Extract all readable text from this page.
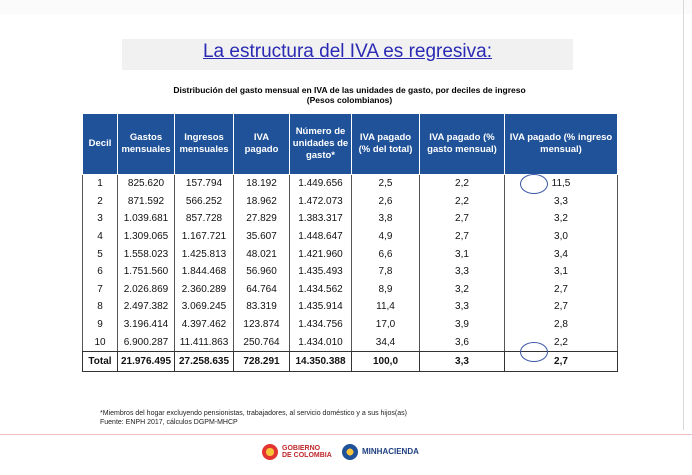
La estructura del IVA es regresiva:
Distribución del gasto mensual en IVA de las unidades de gasto, por deciles de ingreso
(Pesos colombianos)
Decil	Gastos mensuales	Ingresos mensuales	IVA pagado	Número de unidades de gasto*	IVA pagado (% del total)	IVA pagado (% gasto mensual)	IVA pagado (% ingreso mensual)
1	825.620	157.794	18.192	1.449.656	2,5	2,2	11,5
2	871.592	566.252	18.962	1.472.073	2,6	2,2	3,3
3	1.039.681	857.728	27.829	1.383.317	3,8	2,7	3,2
4	1.309.065	1.167.721	35.607	1.448.647	4,9	2,7	3,0
5	1.558.023	1.425.813	48.021	1.421.960	6,6	3,1	3,4
6	1.751.560	1.844.468	56.960	1.435.493	7,8	3,3	3,1
7	2.026.869	2.360.289	64.764	1.434.562	8,9	3,2	2,7
8	2.497.382	3.069.245	83.319	1.435.914	11,4	3,3	2,7
9	3.196.414	4.397.462	123.874	1.434.756	17,0	3,9	2,8
10	6.900.287	11.411.863	250.764	1.434.010	34,4	3,6	2,2
Total	21.976.495	27.258.635	728.291	14.350.388	100,0	3,3	2,7
*Miembros del hogar excluyendo pensionistas, trabajadores, al servicio doméstico y a sus hijos(as)
Fuente: ENPH 2017, cálculos DGPM-MHCP
GOBIERNO
DE COLOMBIA	MINHACIENDA
